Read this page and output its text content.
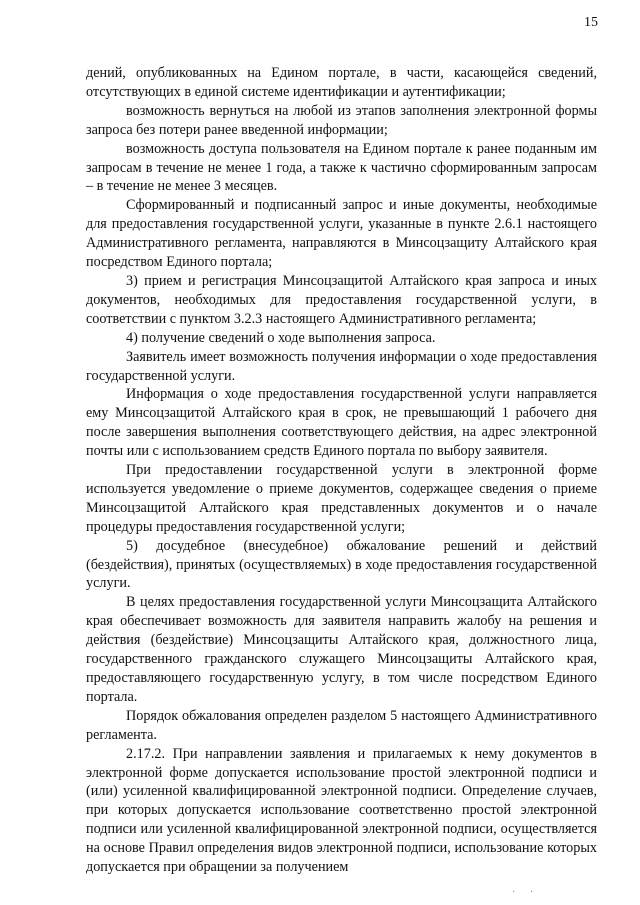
15

дений, опубликованных на Едином портале, в части, касающейся сведений, отсутствующих в единой системе идентификации и аутентификации;

возможность вернуться на любой из этапов заполнения электронной формы запроса без потери ранее введенной информации;

возможность доступа пользователя на Едином портале к ранее поданным им запросам в течение не менее 1 года, а также к частично сформированным запросам – в течение не менее 3 месяцев.

Сформированный и подписанный запрос и иные документы, необходимые для предоставления государственной услуги, указанные в пункте 2.6.1 настоящего Административного регламента, направляются в Минсоцзащиту Алтайского края посредством Единого портала;

3) прием и регистрация Минсоцзащитой Алтайского края запроса и иных документов, необходимых для предоставления государственной услуги, в соответствии с пунктом 3.2.3 настоящего Административного регламента;

4) получение сведений о ходе выполнения запроса.

Заявитель имеет возможность получения информации о ходе предоставления государственной услуги.

Информация о ходе предоставления государственной услуги направляется ему Минсоцзащитой Алтайского края в срок, не превышающий 1 рабочего дня после завершения выполнения соответствующего действия, на адрес электронной почты или с использованием средств Единого портала по выбору заявителя.

При предоставлении государственной услуги в электронной форме используется уведомление о приеме документов, содержащее сведения о приеме Минсоцзащитой Алтайского края представленных документов и о начале процедуры предоставления государственной услуги;

5) досудебное (внесудебное) обжалование решений и действий (бездействия), принятых (осуществляемых) в ходе предоставления государственной услуги.

В целях предоставления государственной услуги Минсоцзащита Алтайского края обеспечивает возможность для заявителя направить жалобу на решения и действия (бездействие) Минсоцзащиты Алтайского края, должностного лица, государственного гражданского служащего Минсоцзащиты Алтайского края, предоставляющего государственную услугу, в том числе посредством Единого портала.

Порядок обжалования определен разделом 5 настоящего Административного регламента.

2.17.2. При направлении заявления и прилагаемых к нему документов в электронной форме допускается использование простой электронной подписи и (или) усиленной квалифицированной электронной подписи. Определение случаев, при которых допускается использование соответственно простой электронной подписи или усиленной квалифицированной электронной подписи, осуществляется на основе Правил определения видов электронной подписи, использование которых допускается при обращении за получением

· ·
